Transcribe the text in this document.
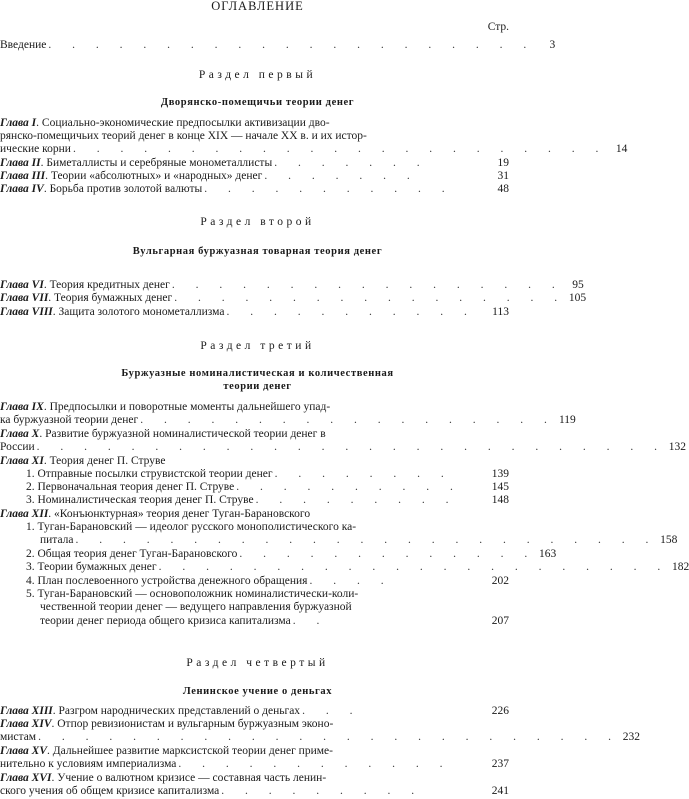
ОГЛАВЛЕНИЕ
Стр.
Введение . . . . . . . . . . . . . . . . . . . . .	3
Раздел первый
Дворянско-помещичьи теории денег
Глава I. Социально-экономические предпосылки активизации дво-
рянско-помещичьих теорий денег в конце XIX — начале XX в. и их истор-
ические корни . . . . . . . . . . . . . . . . . . . . . . . 14
Глава II. Биметаллисты и серебряные монометаллисты . . . . . . .	19
Глава III. Теории «абсолютных» и «народных» денег . . . . . . .	31
Глава IV. Борьба против золотой валюты . . . . . . . . . . .	48
Раздел второй
Вульгарная буржуазная товарная теория денег
Глава VI. Теория кредитных денег . . . . . . . . . . . . . . . . . 95
Глава VII. Теория бумажных денег . . . . . . . . . . . . . . . . . 105
Глава VIII. Защита золотого монометаллизма . . . . . . . . . . .	113
Раздел третий
Буржуазные номиналистическая и количественная
теории денег
Глава IX. Предпосылки и поворотные моменты дальнейшего упад-
ка буржуазной теории денег . . . . . . . . . . . . . . . . . . 119
Глава X. Развитие буржуазной номиналистической теории денег в
России . . . . . . . . . . . . . . . . . . . . . . . . . . . 132
Глава XI. Теория денег П. Струве
1. Отправные посылки струвистской теории денег . . . . . . . .	139
2. Первоначальная теория денег П. Струве . . . . . . . . . .	145
3. Номиналистическая теория денег П. Струве . . . . . . . . .	148
Глава XII. «Конъюнктурная» теория денег Туган-Барановского
1. Туган-Барановский — идеолог русского монополистического ка-
питала . . . . . . . . . . . . . . . . . . . . . . . . . 158
2. Общая теория денег Туган-Барановского . . . . . . . . . . . . . 163
3. Теории бумажных денег . . . . . . . . . . . . . . . . . . . . . . 182
4. План послевоенного устройства денежного обращения . . . .	202
5. Туган-Барановский — основоположник номиналистически-коли-
чественной теории денег — ведущего направления буржуазной
теории денег периода общего кризиса капитализма . .	207
Раздел четвертый
Ленинское учение о деньгах
Глава XIII. Разгром народнических представлений о деньгах . . .	226
Глава XIV. Отпор ревизионистам и вульгарным буржуазным эконо-
мистам . . . . . . . . . . . . . . . . . . . . . . . . . 232
Глава XV. Дальнейшее развитие марксистской теории денег приме-
нительно к условиям империализма . . . . . . . . . . . .	237
Глава XVI. Учение о валютном кризисе — составная часть ленин-
ского учения об общем кризисе капитализма . . . . . . . . .	241
